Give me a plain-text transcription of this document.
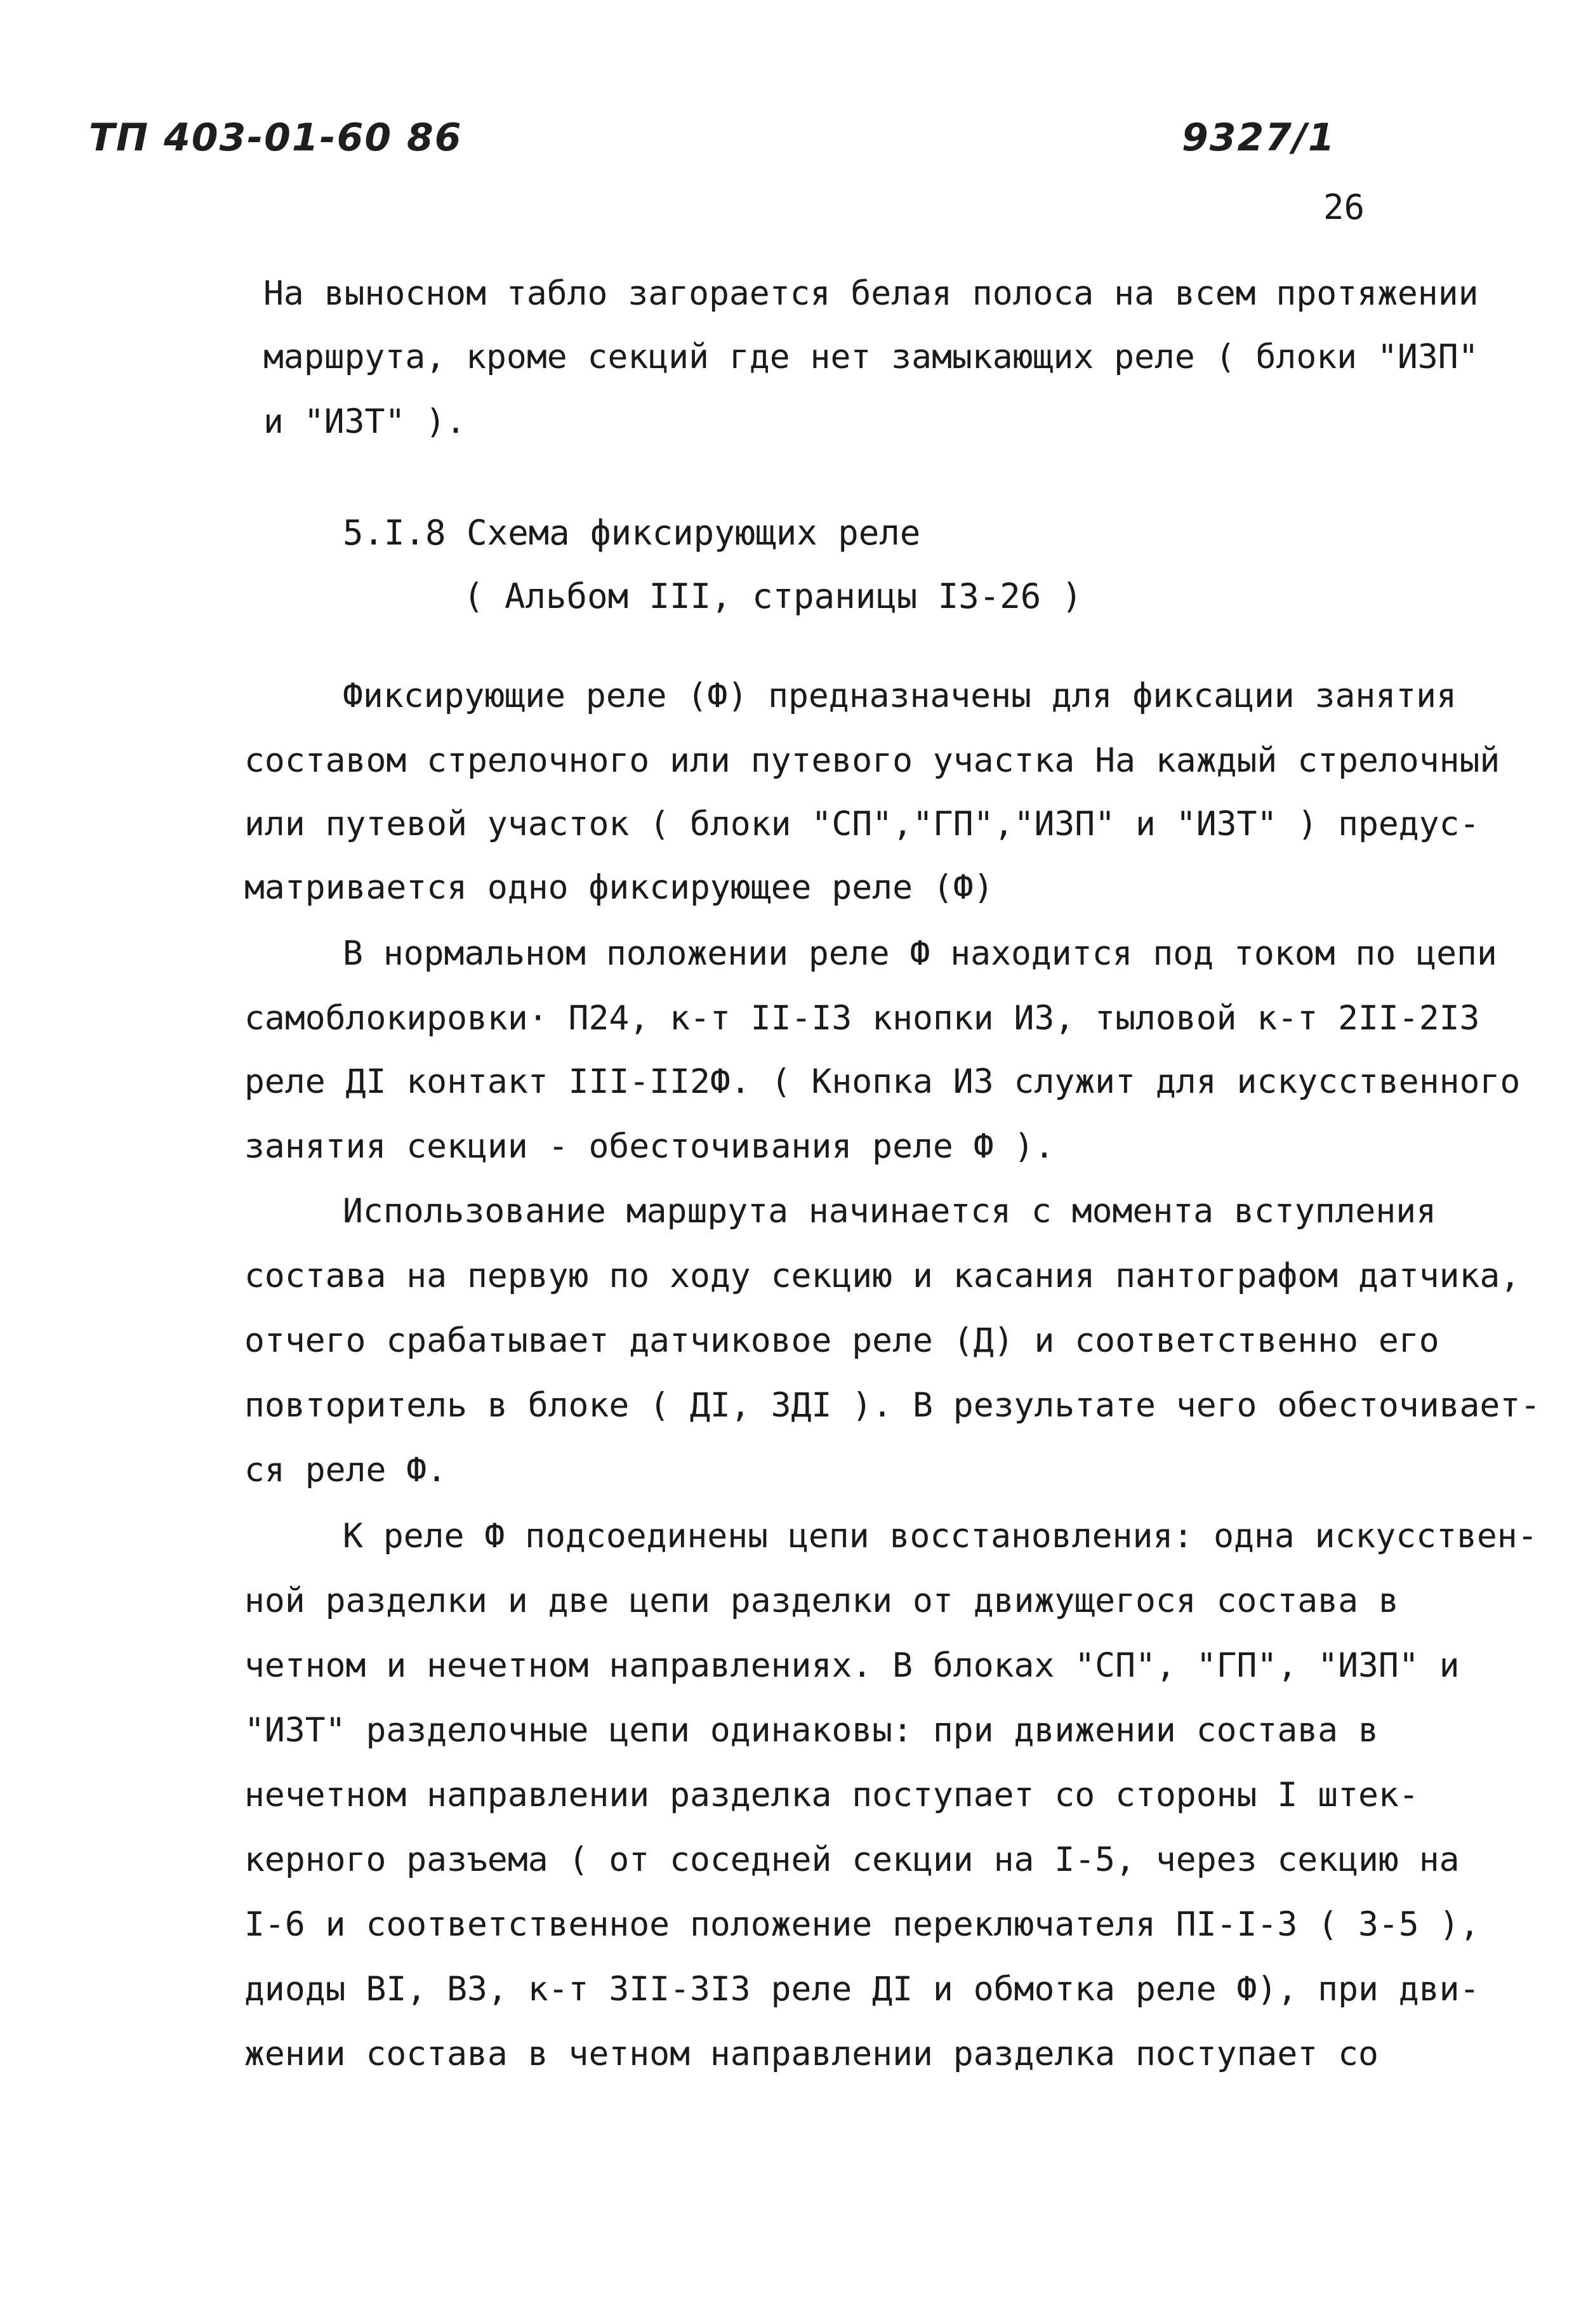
ТП 403-01-60 86	9327/1
26
На выносном табло загорается белая полоса на всем протяжении
маршрута, кроме секций где нет замыкающих реле ( блоки "ИЗП"
и "ИЗТ" ).
5.I.8 Схема фиксирующих реле
( Альбом III, страницы I3-26 )
Фиксирующие реле (Ф) предназначены для фиксации занятия
составом стрелочного или путевого участка На каждый стрелочный
или путевой участок ( блоки "СП","ГП","ИЗП" и "ИЗТ" ) предус-
матривается одно фиксирующее реле (Ф)
В нормальном положении реле Ф находится под током по цепи
самоблокировки· П24, к-т II-I3 кнопки ИЗ, тыловой к-т 2II-2I3
реле ДI контакт III-II2Ф. ( Кнопка ИЗ служит для искусственного
занятия секции - обесточивания реле Ф ).
Использование маршрута начинается с момента вступления
состава на первую по ходу секцию и касания пантографом датчика,
отчего срабатывает датчиковое реле (Д) и соответственно его
повторитель в блоке ( ДI, ЗДI ). В результате чего обесточивает-
ся реле Ф.
К реле Ф подсоединены цепи восстановления: одна искусствен-
ной разделки и две цепи разделки от движущегося состава в
четном и нечетном направлениях. В блоках "СП", "ГП", "ИЗП" и
"ИЗТ" разделочные цепи одинаковы: при движении состава в
нечетном направлении разделка поступает со стороны I штек-
керного разъема ( от соседней секции на I-5, через секцию на
I-6 и соответственное положение переключателя ПI-I-3 ( 3-5 ),
диоды ВI, ВЗ, к-т ЗII-ЗI3 реле ДI и обмотка реле Ф), при дви-
жении состава в четном направлении разделка поступает со
